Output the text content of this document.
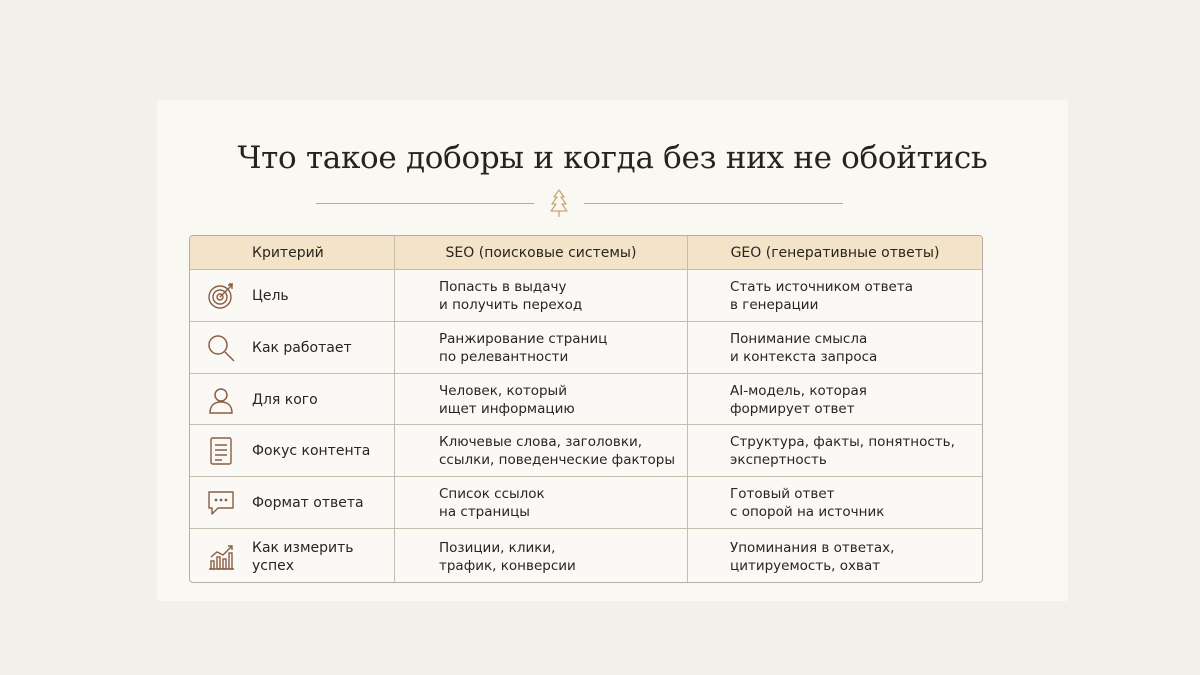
Что такое доборы и когда без них не обойтись
Критерий	SEO (поисковые системы)	GEO (генеративные ответы)
Цель
Попасть в выдачу
и получить переход
Стать источником ответа
в генерации
Как работает
Ранжирование страниц
по релевантности
Понимание смысла
и контекста запроса
Для кого
Человек, который
ищет информацию
AI-модель, которая
формирует ответ
Фокус контента
Ключевые слова, заголовки,
ссылки, поведенческие факторы
Структура, факты, понятность,
экспертность
Формат ответа
Список ссылок
на страницы
Готовый ответ
с опорой на источник
Как измерить успех
Позиции, клики,
трафик, конверсии
Упоминания в ответах,
цитируемость, охват
